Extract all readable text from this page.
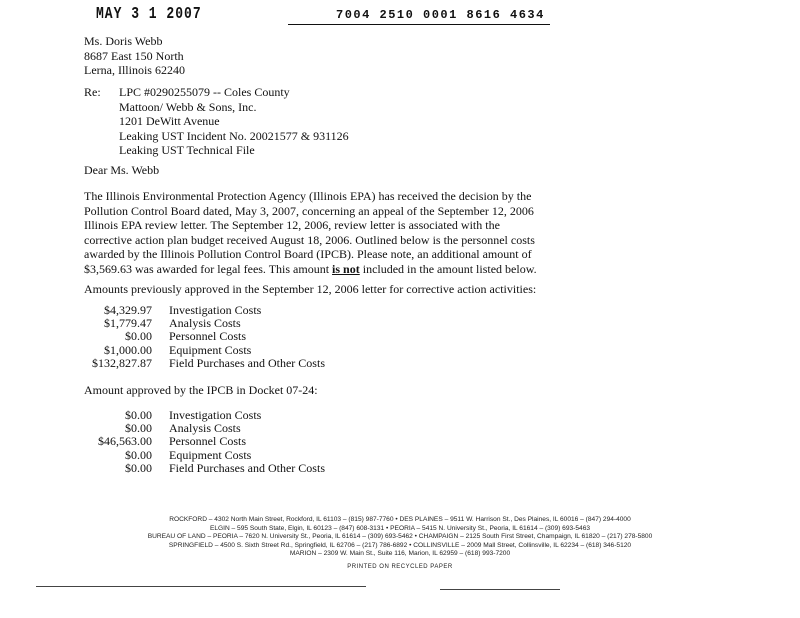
MAY 3 1 2007	7004 2510 0001 8616 4634
Ms. Doris Webb
8687 East 150 North
Lerna, Illinois 62240
Re: LPC #0290255079 -- Coles County
Mattoon/ Webb & Sons, Inc.
1201 DeWitt Avenue
Leaking UST Incident No. 20021577 & 931126
Leaking UST Technical File
Dear Ms. Webb
The Illinois Environmental Protection Agency (Illinois EPA) has received the decision by the
Pollution Control Board dated, May 3, 2007, concerning an appeal of the September 12, 2006
Illinois EPA review letter. The September 12, 2006, review letter is associated with the
corrective action plan budget received August 18, 2006. Outlined below is the personnel costs
awarded by the Illinois Pollution Control Board (IPCB). Please note, an additional amount of
$3,569.63 was awarded for legal fees. This amount is not included in the amount listed below.
Amounts previously approved in the September 12, 2006 letter for corrective action activities:
$4,329.97	Investigation Costs
$1,779.47	Analysis Costs
$0.00	Personnel Costs
$1,000.00	Equipment Costs
$132,827.87	Field Purchases and Other Costs
Amount approved by the IPCB in Docket 07-24:
$0.00	Investigation Costs
$0.00	Analysis Costs
$46,563.00	Personnel Costs
$0.00	Equipment Costs
$0.00	Field Purchases and Other Costs
ROCKFORD – 4302 North Main Street, Rockford, IL 61103 – (815) 987-7760 • DES PLAINES – 9511 W. Harrison St., Des Plaines, IL 60016 – (847) 294-4000
ELGIN – 595 South State, Elgin, IL 60123 – (847) 608-3131 • PEORIA – 5415 N. University St., Peoria, IL 61614 – (309) 693-5463
BUREAU OF LAND – PEORIA – 7620 N. University St., Peoria, IL 61614 – (309) 693-5462 • CHAMPAIGN – 2125 South First Street, Champaign, IL 61820 – (217) 278-5800
SPRINGFIELD – 4500 S. Sixth Street Rd., Springfield, IL 62706 – (217) 786-6892 • COLLINSVILLE – 2009 Mall Street, Collinsville, IL 62234 – (618) 346-5120
MARION – 2309 W. Main St., Suite 116, Marion, IL 62959 – (618) 993-7200
PRINTED ON RECYCLED PAPER
